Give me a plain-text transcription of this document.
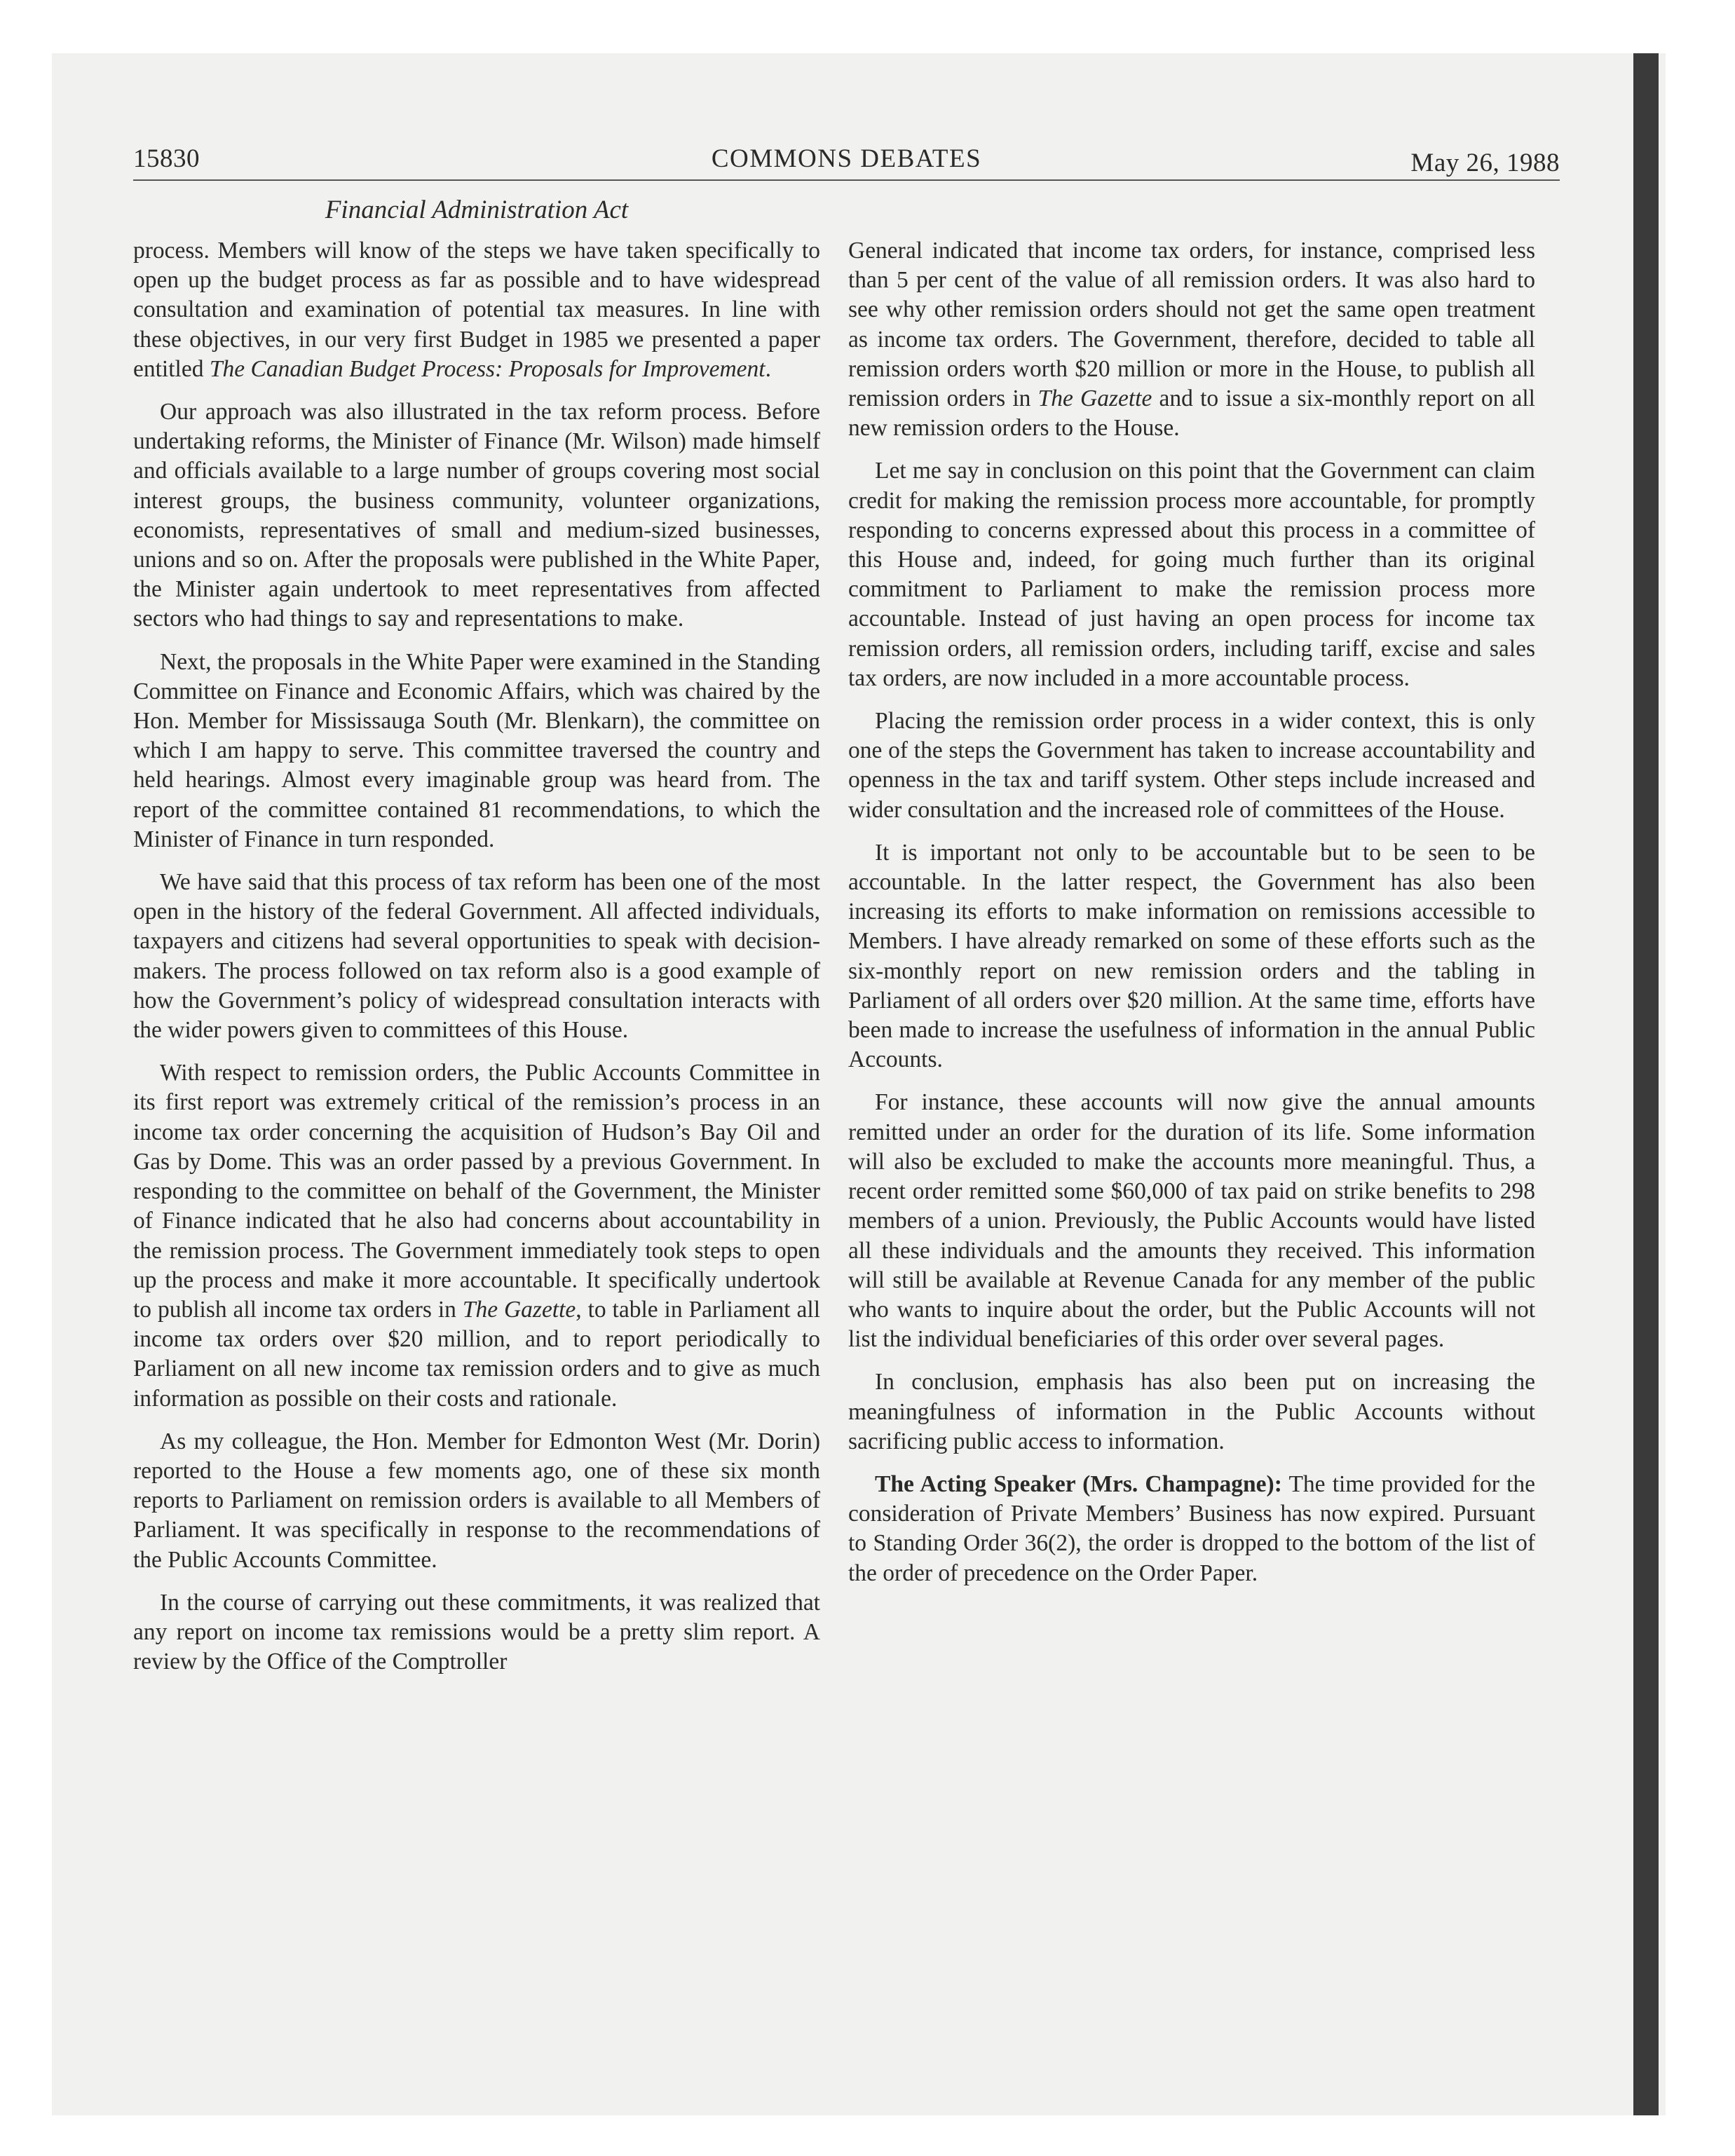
15830	COMMONS DEBATES	May 26, 1988
Financial Administration Act

process. Members will know of the steps we have taken specifically to open up the budget process as far as possible and to have widespread consultation and examination of potential tax measures. In line with these objectives, in our very first Budget in 1985 we presented a paper entitled The Canadian Budget Process: Proposals for Improvement.

Our approach was also illustrated in the tax reform process. Before undertaking reforms, the Minister of Finance (Mr. Wilson) made himself and officials available to a large number of groups covering most social interest groups, the business community, volunteer organizations, economists, representatives of small and medium-sized businesses, unions and so on. After the proposals were published in the White Paper, the Minister again undertook to meet representatives from affected sectors who had things to say and representations to make.

Next, the proposals in the White Paper were examined in the Standing Committee on Finance and Economic Affairs, which was chaired by the Hon. Member for Mississauga South (Mr. Blenkarn), the committee on which I am happy to serve. This committee traversed the country and held hearings. Almost every imaginable group was heard from. The report of the committee contained 81 recommendations, to which the Minister of Finance in turn responded.

We have said that this process of tax reform has been one of the most open in the history of the federal Government. All affected individuals, taxpayers and citizens had several opportunities to speak with decision-makers. The process followed on tax reform also is a good example of how the Government’s policy of widespread consultation interacts with the wider powers given to committees of this House.

With respect to remission orders, the Public Accounts Committee in its first report was extremely critical of the remission’s process in an income tax order concerning the acquisition of Hudson’s Bay Oil and Gas by Dome. This was an order passed by a previous Government. In responding to the committee on behalf of the Government, the Minister of Finance indicated that he also had concerns about accountability in the remission process. The Government immediately took steps to open up the process and make it more accountable. It specifically undertook to publish all income tax orders in The Gazette, to table in Parliament all income tax orders over $20 million, and to report periodically to Parliament on all new income tax remission orders and to give as much information as possible on their costs and rationale.

As my colleague, the Hon. Member for Edmonton West (Mr. Dorin) reported to the House a few moments ago, one of these six month reports to Parliament on remission orders is available to all Members of Parliament. It was specifically in response to the recommendations of the Public Accounts Committee.

In the course of carrying out these commitments, it was realized that any report on income tax remissions would be a pretty slim report. A review by the Office of the Comptroller

General indicated that income tax orders, for instance, comprised less than 5 per cent of the value of all remission orders. It was also hard to see why other remission orders should not get the same open treatment as income tax orders. The Government, therefore, decided to table all remission orders worth $20 million or more in the House, to publish all remission orders in The Gazette and to issue a six-monthly report on all new remission orders to the House.

Let me say in conclusion on this point that the Government can claim credit for making the remission process more accountable, for promptly responding to concerns expressed about this process in a committee of this House and, indeed, for going much further than its original commitment to Parliament to make the remission process more accountable. Instead of just having an open process for income tax remission orders, all remission orders, including tariff, excise and sales tax orders, are now included in a more accountable process.

Placing the remission order process in a wider context, this is only one of the steps the Government has taken to increase accountability and openness in the tax and tariff system. Other steps include increased and wider consultation and the increased role of committees of the House.

It is important not only to be accountable but to be seen to be accountable. In the latter respect, the Government has also been increasing its efforts to make information on remissions accessible to Members. I have already remarked on some of these efforts such as the six-monthly report on new remission orders and the tabling in Parliament of all orders over $20 million. At the same time, efforts have been made to increase the usefulness of information in the annual Public Accounts.

For instance, these accounts will now give the annual amounts remitted under an order for the duration of its life. Some information will also be excluded to make the accounts more meaningful. Thus, a recent order remitted some $60,000 of tax paid on strike benefits to 298 members of a union. Previously, the Public Accounts would have listed all these individuals and the amounts they received. This information will still be available at Revenue Canada for any member of the public who wants to inquire about the order, but the Public Accounts will not list the individual beneficiaries of this order over several pages.

In conclusion, emphasis has also been put on increasing the meaningfulness of information in the Public Accounts without sacrificing public access to information.

The Acting Speaker (Mrs. Champagne): The time provided for the consideration of Private Members’ Business has now expired. Pursuant to Standing Order 36(2), the order is dropped to the bottom of the list of the order of precedence on the Order Paper.
